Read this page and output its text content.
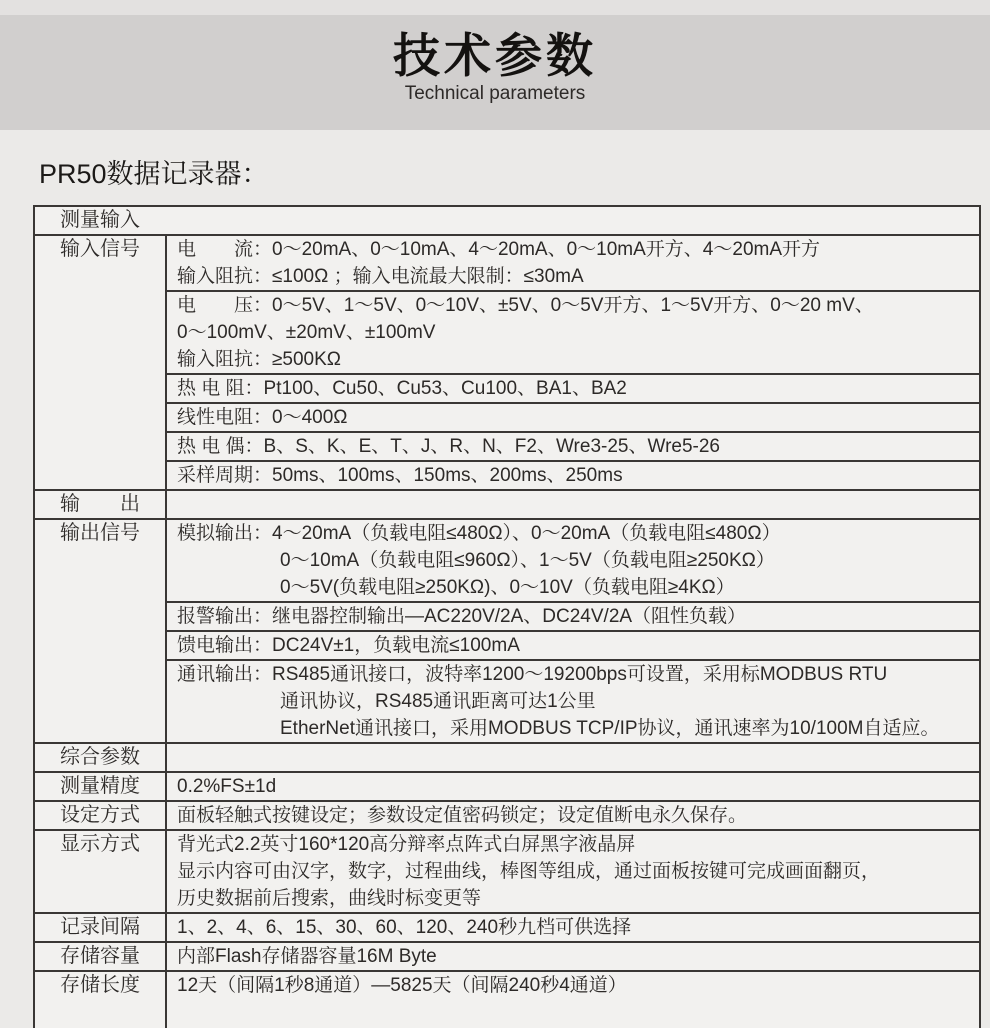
技术参数
Technical parameters
PR50数据记录器：
测量输入
输入信号	电　　流：0～20mA、0～10mA、4～20mA、0～10mA开方、4～20mA开方
输入阻抗：≤100Ω ；输入电流最大限制：≤30mA
电　　压：0～5V、1～5V、0～10V、±5V、0～5V开方、1～5V开方、0～20 mV、
0～100mV、±20mV、±100mV
输入阻抗：≥500KΩ
热 电 阻：Pt100、Cu50、Cu53、Cu100、BA1、BA2
线性电阻：0～400Ω
热 电 偶：B、S、K、E、T、J、R、N、F2、Wre3-25、Wre5-26
采样周期：50ms、100ms、150ms、200ms、250ms
输　　出
输出信号	模拟输出：4～20mA（负载电阻≤480Ω）、0～20mA（负载电阻≤480Ω）
0～10mA（负载电阻≤960Ω）、1～5V（负载电阻≥250KΩ）
0～5V(负载电阻≥250KΩ)、0～10V（负载电阻≥4KΩ）
报警输出：继电器控制输出—AC220V/2A、DC24V/2A（阻性负载）
馈电输出：DC24V±1，负载电流≤100mA
通讯输出：RS485通讯接口，波特率1200～19200bps可设置，采用标MODBUS RTU
通讯协议，RS485通讯距离可达1公里
EtherNet通讯接口，采用MODBUS TCP/IP协议，通讯速率为10/100M自适应。
综合参数
测量精度	0.2%FS±1d
设定方式	面板轻触式按键设定；参数设定值密码锁定；设定值断电永久保存。
显示方式	背光式2.2英寸160*120高分辩率点阵式白屏黑字液晶屏
显示内容可由汉字，数字，过程曲线，棒图等组成，通过面板按键可完成画面翻页，
历史数据前后搜索，曲线时标变更等
记录间隔	1、2、4、6、15、30、60、120、240秒九档可供选择
存储容量	内部Flash存储器容量16M Byte
存储长度	12天（间隔1秒8通道）—5825天（间隔240秒4通道）
